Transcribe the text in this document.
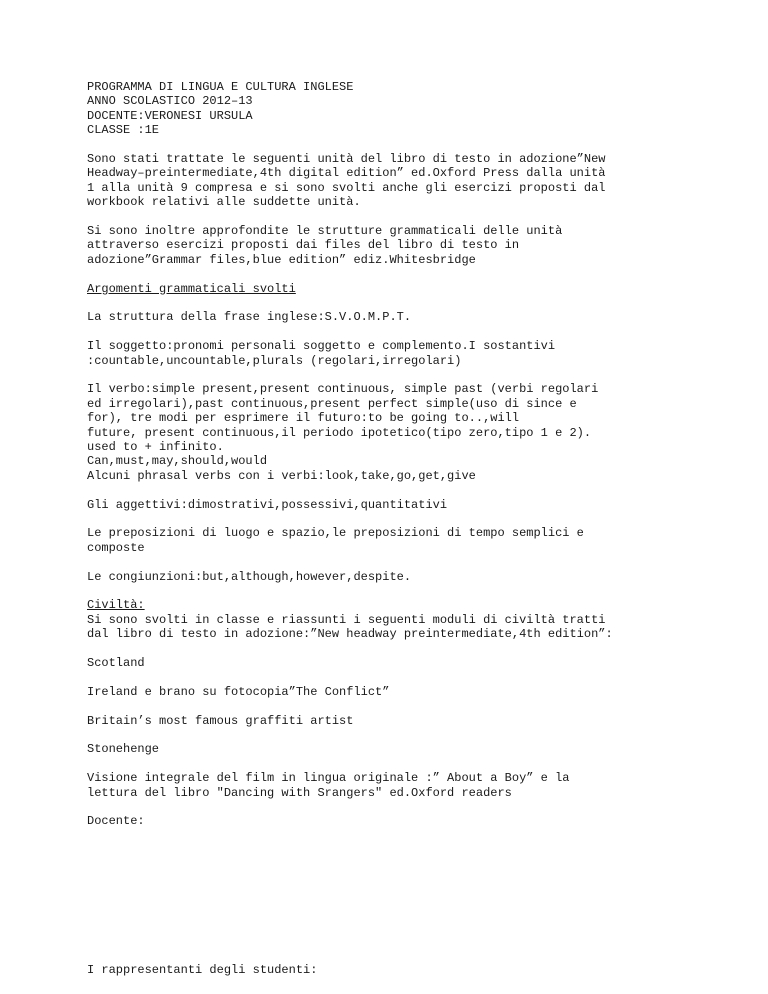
PROGRAMMA DI LINGUA E CULTURA INGLESE
ANNO SCOLASTICO 2012–13
DOCENTE:VERONESI URSULA
CLASSE :1E
Sono stati trattate le seguenti unità del libro di testo in adozione”New
Headway–preintermediate,4th digital edition” ed.Oxford Press dalla unità
1 alla unità 9 compresa e si sono svolti anche gli esercizi proposti dal
workbook relativi alle suddette unità.
Si sono inoltre approfondite le strutture grammaticali delle unità
attraverso esercizi proposti dai files del libro di testo in
adozione”Grammar files,blue edition” ediz.Whitesbridge
Argomenti grammaticali svolti
La struttura della frase inglese:S.V.O.M.P.T.
Il soggetto:pronomi personali soggetto e complemento.I sostantivi
:countable,uncountable,plurals (regolari,irregolari)
Il verbo:simple present,present continuous, simple past (verbi regolari
ed irregolari),past continuous,present perfect simple(uso di since e
for), tre modi per esprimere il futuro:to be going to..,will
future, present continuous,il periodo ipotetico(tipo zero,tipo 1 e 2).
used to + infinito.
Can,must,may,should,would
Alcuni phrasal verbs con i verbi:look,take,go,get,give
Gli aggettivi:dimostrativi,possessivi,quantitativi
Le preposizioni di luogo e spazio,le preposizioni di tempo semplici e
composte
Le congiunzioni:but,although,however,despite.
Civiltà:
Si sono svolti in classe e riassunti i seguenti moduli di civiltà tratti
dal libro di testo in adozione:”New headway preintermediate,4th edition”:
Scotland
Ireland e brano su fotocopia”The Conflict”
Britain’s most famous graffiti artist
Stonehenge
Visione integrale del film in lingua originale :” About a Boy” e la
lettura del libro "Dancing with Srangers" ed.Oxford readers
Docente:
I rappresentanti degli studenti:
